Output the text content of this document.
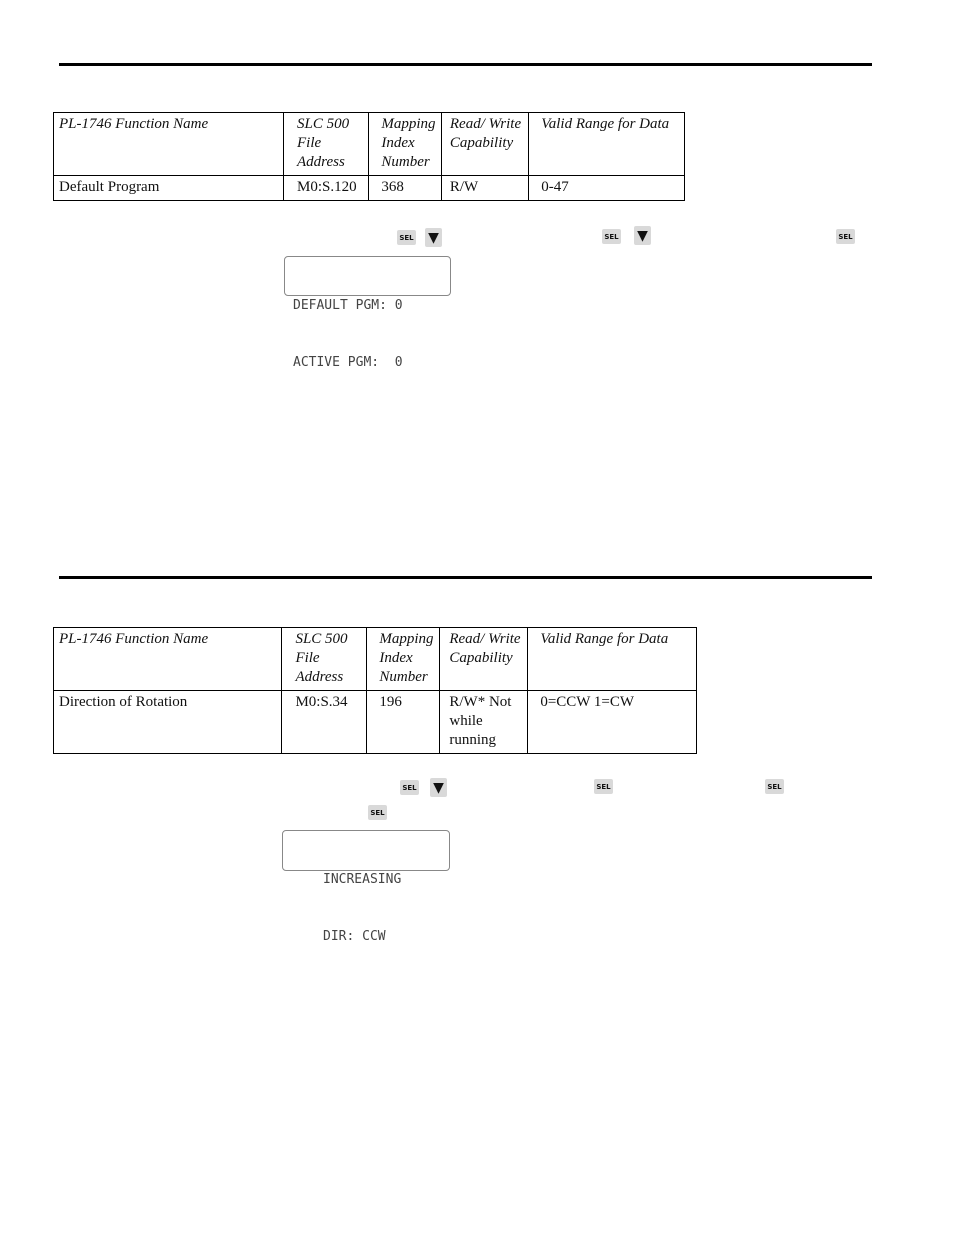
PL-1746 Function Name	SLC 500 File Address	Mapping Index Number	Read/ Write Capability	Valid Range for Data
Default Program	M0:S.120	368	R/W	0-47
SEL ▼	SEL ▼	SEL

DEFAULT PGM: 0

ACTIVE PGM:  0

PL-1746 Function Name	SLC 500 File Address	Mapping Index Number	Read/ Write Capability	Valid Range for Data
Direction of Rotation	M0:S.34	196	R/W* Not while running	0=CCW 1=CW
SEL ▼	SEL	SEL
SEL

INCREASING

DIR: CCW
